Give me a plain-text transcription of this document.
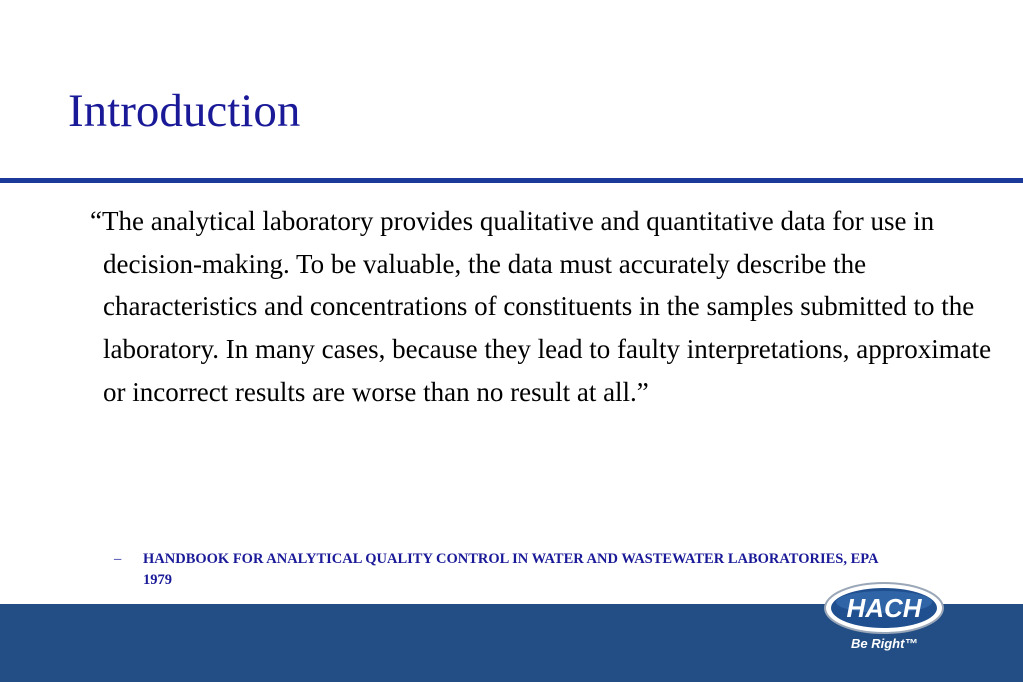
Introduction
“The analytical laboratory provides qualitative and quantitative data for use in decision-making. To be valuable, the data must accurately describe the characteristics and concentrations of constituents in the samples submitted to the laboratory. In many cases, because they lead to faulty interpretations, approximate or incorrect results are worse than no result at all.”
– HANDBOOK FOR ANALYTICAL QUALITY CONTROL IN WATER AND WASTEWATER LABORATORIES, EPA 1979
HACH	®
Be Right™
